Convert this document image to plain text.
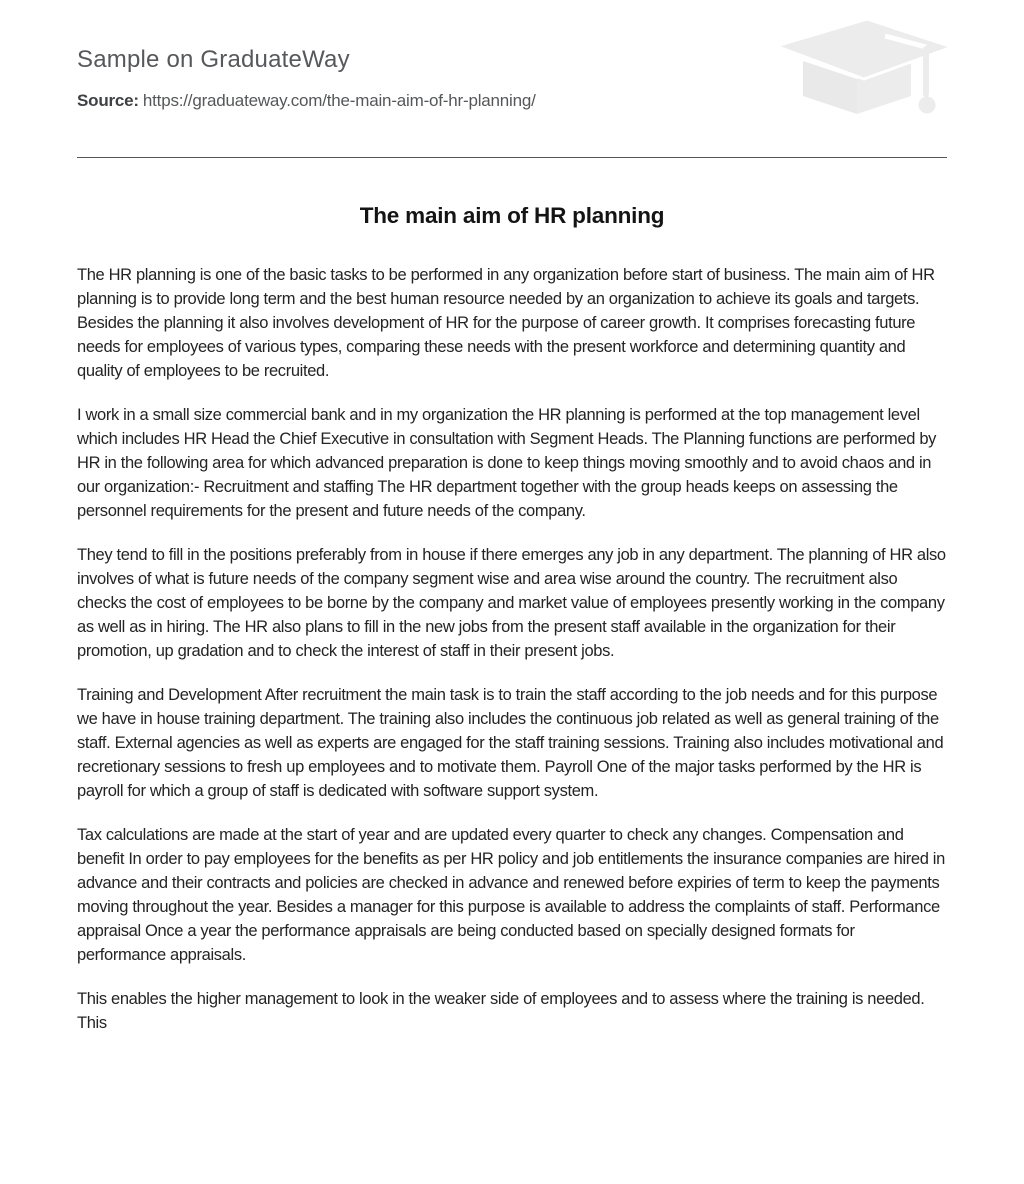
Sample on GraduateWay
Source: https://graduateway.com/the-main-aim-of-hr-planning/
The main aim of HR planning

The HR planning is one of the basic tasks to be performed in any organization before start of business. The main aim of HR planning is to provide long term and the best human resource needed by an organization to achieve its goals and targets. Besides the planning it also involves development of HR for the purpose of career growth. It comprises forecasting future needs for employees of various types, comparing these needs with the present workforce and determining quantity and quality of employees to be recruited.

I work in a small size commercial bank and in my organization the HR planning is performed at the top management level which includes HR Head the Chief Executive in consultation with Segment Heads. The Planning functions are performed by HR in the following area for which advanced preparation is done to keep things moving smoothly and to avoid chaos and in our organization:- Recruitment and staffing The HR department together with the group heads keeps on assessing the personnel requirements for the present and future needs of the company.

They tend to fill in the positions preferably from in house if there emerges any job in any department. The planning of HR also involves of what is future needs of the company segment wise and area wise around the country. The recruitment also checks the cost of employees to be borne by the company and market value of employees presently working in the company as well as in hiring. The HR also plans to fill in the new jobs from the present staff available in the organization for their promotion, up gradation and to check the interest of staff in their present jobs.

Training and Development After recruitment the main task is to train the staff according to the job needs and for this purpose we have in house training department. The training also includes the continuous job related as well as general training of the staff. External agencies as well as experts are engaged for the staff training sessions. Training also includes motivational and recretionary sessions to fresh up employees and to motivate them. Payroll One of the major tasks performed by the HR is payroll for which a group of staff is dedicated with software support system.

Tax calculations are made at the start of year and are updated every quarter to check any changes. Compensation and benefit In order to pay employees for the benefits as per HR policy and job entitlements the insurance companies are hired in advance and their contracts and policies are checked in advance and renewed before expiries of term to keep the payments moving throughout the year. Besides a manager for this purpose is available to address the complaints of staff. Performance appraisal Once a year the performance appraisals are being conducted based on specially designed formats for performance appraisals.

This enables the higher management to look in the weaker side of employees and to assess where the training is needed. This
